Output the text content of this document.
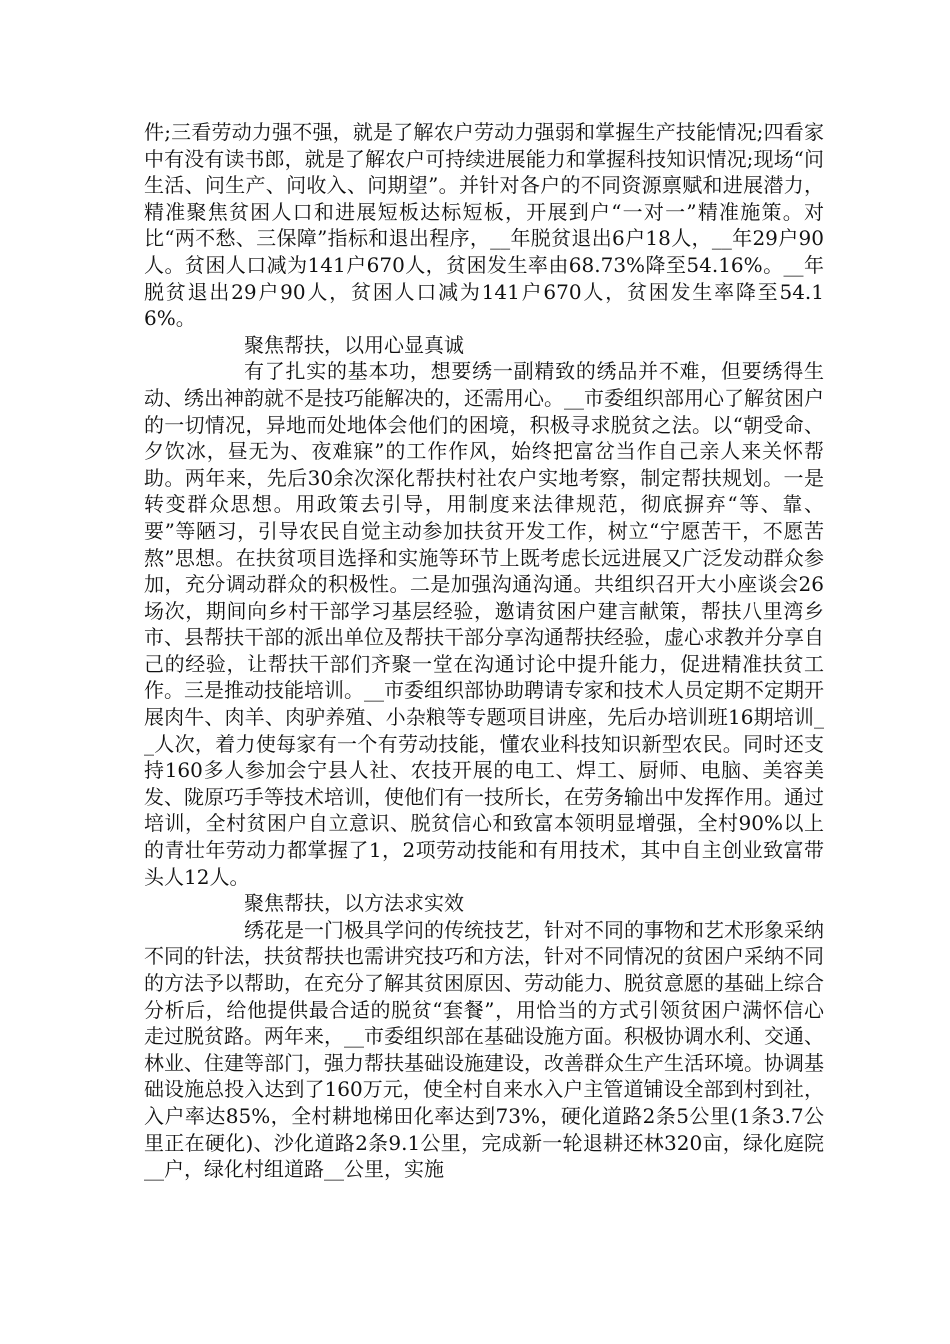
件;三看劳动力强不强，就是了解农户劳动力强弱和掌握生产技能情况;四看家中有没有读书郎，就是了解农户可持续进展能力和掌握科技知识情况;现场“问生活、问生产、问收入、问期望”。并针对各户的不同资源禀赋和进展潜力，精准聚焦贫困人口和进展短板达标短板，开展到户“一对一”精准施策。对比“两不愁、三保障”指标和退出程序，__年脱贫退出6户18人，__年29户90人。贫困人口减为141户670人，贫困发生率由68.73%降至54.16%。__年脱贫退出29户90人，贫困人口减为141户670人，贫困发生率降至54.16%。

聚焦帮扶，以用心显真诚

有了扎实的基本功，想要绣一副精致的绣品并不难，但要绣得生动、绣出神韵就不是技巧能解决的，还需用心。__市委组织部用心了解贫困户的一切情况，异地而处地体会他们的困境，积极寻求脱贫之法。以“朝受命、夕饮冰，昼无为、夜难寐”的工作作风，始终把富岔当作自己亲人来关怀帮助。两年来，先后30余次深化帮扶村社农户实地考察，制定帮扶规划。一是转变群众思想。用政策去引导，用制度来法律规范，彻底摒弃“等、靠、要”等陋习，引导农民自觉主动参加扶贫开发工作，树立“宁愿苦干，不愿苦熬”思想。在扶贫项目选择和实施等环节上既考虑长远进展又广泛发动群众参加，充分调动群众的积极性。二是加强沟通沟通。共组织召开大小座谈会26场次，期间向乡村干部学习基层经验，邀请贫困户建言献策，帮扶八里湾乡市、县帮扶干部的派出单位及帮扶干部分享沟通帮扶经验，虚心求教并分享自己的经验，让帮扶干部们齐聚一堂在沟通讨论中提升能力，促进精准扶贫工作。三是推动技能培训。__市委组织部协助聘请专家和技术人员定期不定期开展肉牛、肉羊、肉驴养殖、小杂粮等专题项目讲座，先后办培训班16期培训__人次，着力使每家有一个有劳动技能，懂农业科技知识新型农民。同时还支持160多人参加会宁县人社、农技开展的电工、焊工、厨师、电脑、美容美发、陇原巧手等技术培训，使他们有一技所长，在劳务输出中发挥作用。通过培训，全村贫困户自立意识、脱贫信心和致富本领明显增强，全村90%以上的青壮年劳动力都掌握了1，2项劳动技能和有用技术，其中自主创业致富带头人12人。

聚焦帮扶，以方法求实效

绣花是一门极具学问的传统技艺，针对不同的事物和艺术形象采纳不同的针法，扶贫帮扶也需讲究技巧和方法，针对不同情况的贫困户采纳不同的方法予以帮助，在充分了解其贫困原因、劳动能力、脱贫意愿的基础上综合分析后，给他提供最合适的脱贫“套餐”，用恰当的方式引领贫困户满怀信心走过脱贫路。两年来，__市委组织部在基础设施方面。积极协调水利、交通、林业、住建等部门，强力帮扶基础设施建设，改善群众生产生活环境。协调基础设施总投入达到了160万元，使全村自来水入户主管道铺设全部到村到社，入户率达85%，全村耕地梯田化率达到73%，硬化道路2条5公里(1条3.7公里正在硬化)、沙化道路2条9.1公里，完成新一轮退耕还林320亩，绿化庭院__户，绿化村组道路__公里，实施
